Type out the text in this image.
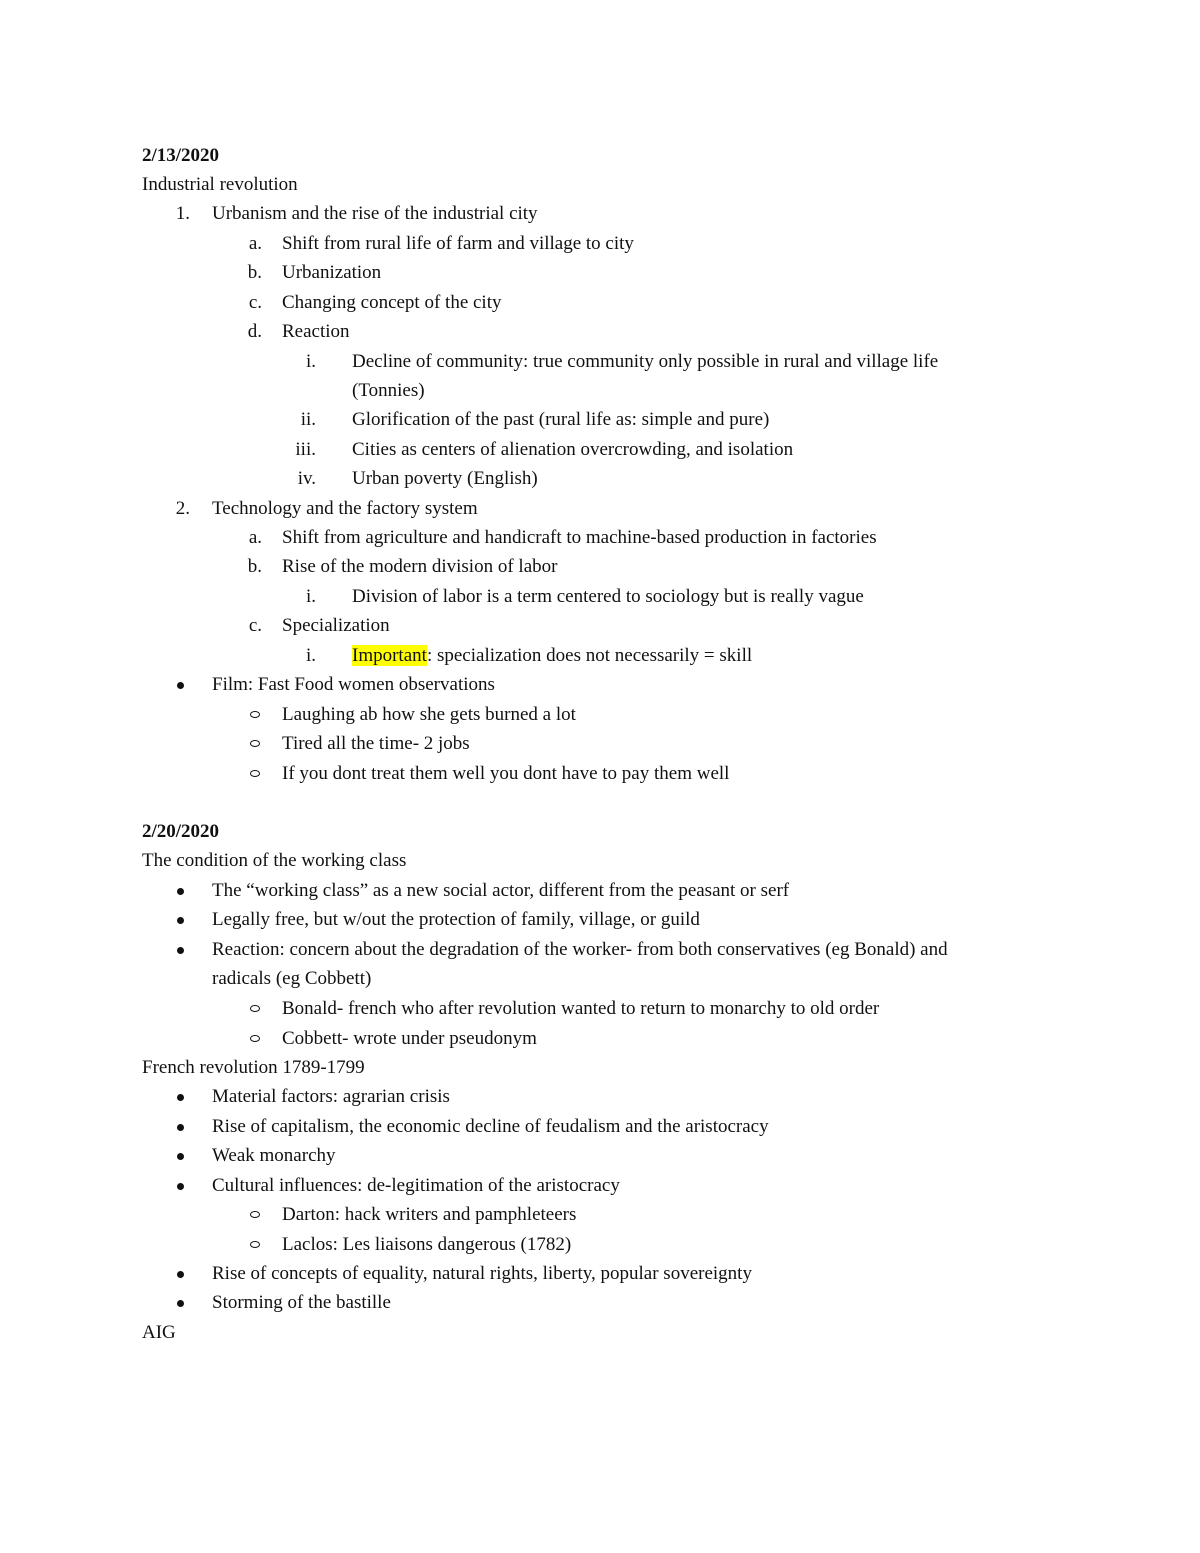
2/13/2020
Industrial revolution
1. Urbanism and the rise of the industrial city
a. Shift from rural life of farm and village to city
b. Urbanization
c. Changing concept of the city
d. Reaction
i. Decline of community: true community only possible in rural and village life
(Tonnies)
ii. Glorification of the past (rural life as: simple and pure)
iii. Cities as centers of alienation overcrowding, and isolation
iv. Urban poverty (English)
2. Technology and the factory system
a. Shift from agriculture and handicraft to machine-based production in factories
b. Rise of the modern division of labor
i. Division of labor is a term centered to sociology but is really vague
c. Specialization
i. Important: specialization does not necessarily = skill
Film: Fast Food women observations
Laughing ab how she gets burned a lot
Tired all the time- 2 jobs
If you dont treat them well you dont have to pay them well
2/20/2020
The condition of the working class
The “working class” as a new social actor, different from the peasant or serf
Legally free, but w/out the protection of family, village, or guild
Reaction: concern about the degradation of the worker- from both conservatives (eg Bonald) and
radicals (eg Cobbett)
Bonald- french who after revolution wanted to return to monarchy to old order
Cobbett- wrote under pseudonym
French revolution 1789-1799
Material factors: agrarian crisis
Rise of capitalism, the economic decline of feudalism and the aristocracy
Weak monarchy
Cultural influences: de-legitimation of the aristocracy
Darton: hack writers and pamphleteers
Laclos: Les liaisons dangerous (1782)
Rise of concepts of equality, natural rights, liberty, popular sovereignty
Storming of the bastille
AIG
